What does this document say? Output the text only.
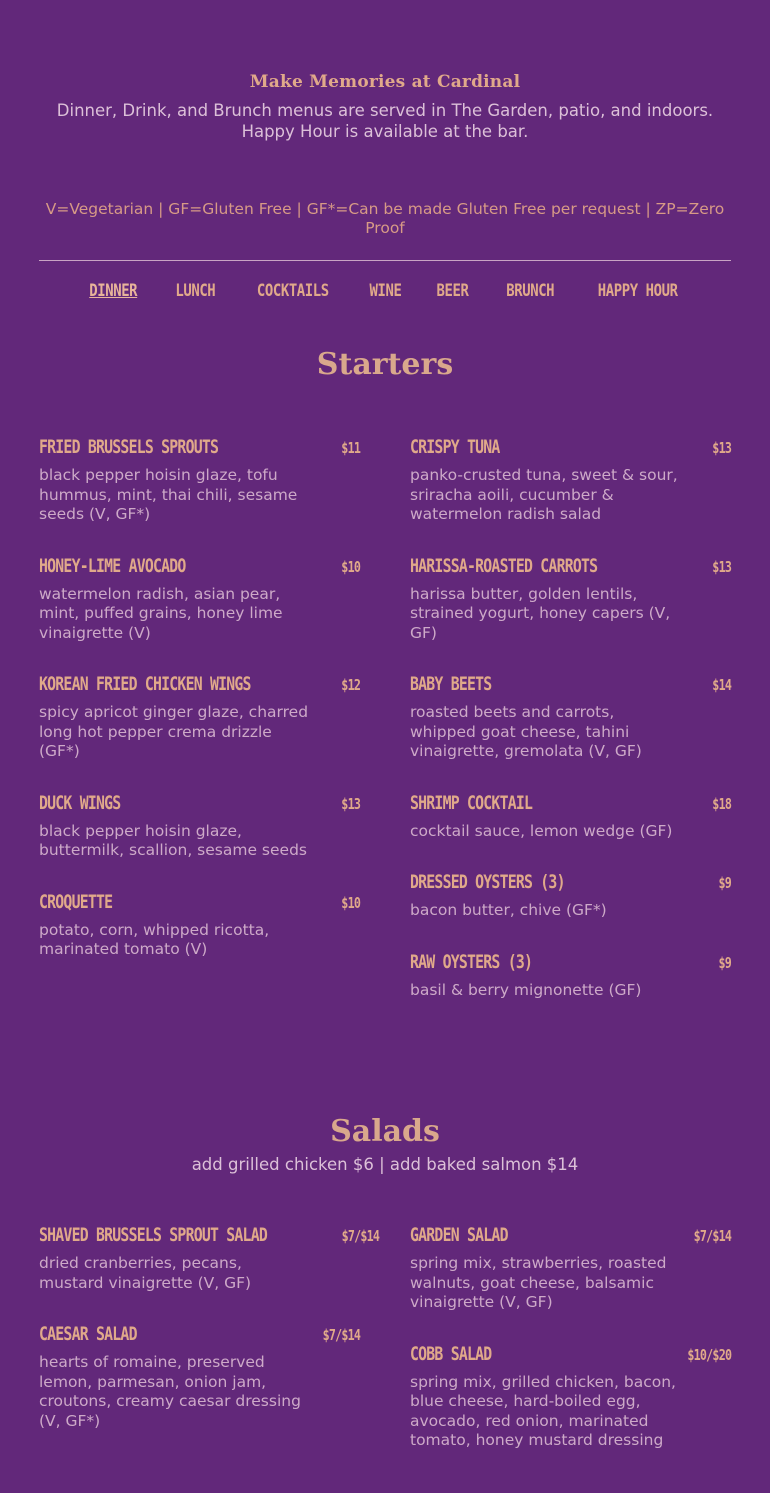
Make Memories at Cardinal

Dinner, Drink, and Brunch menus are served in The Garden, patio, and indoors.
Happy Hour is available at the bar.

V=Vegetarian | GF=Gluten Free | GF*=Can be made Gluten Free per request | ZP=Zero Proof
DINNER LUNCH COCKTAILS WINE BEER BRUNCH	HAPPY HOUR
Starters
FRIED BRUSSELS SPROUTS	$11
black pepper hoisin glaze, tofu hummus, mint, thai chili, sesame seeds (V, GF*)
HONEY-LIME AVOCADO	$10
watermelon radish, asian pear, mint, puffed grains, honey lime vinaigrette (V)
KOREAN FRIED CHICKEN WINGS	$12
spicy apricot ginger glaze, charred long hot pepper crema drizzle (GF*)
DUCK WINGS	$13
black pepper hoisin glaze, buttermilk, scallion, sesame seeds
CROQUETTE	$10
potato, corn, whipped ricotta, marinated tomato (V)
CRISPY TUNA	$13
panko-crusted tuna, sweet & sour, sriracha aoili, cucumber & watermelon radish salad
HARISSA-ROASTED CARROTS	$13
harissa butter, golden lentils, strained yogurt, honey capers (V, GF)
BABY BEETS	$14
roasted beets and carrots, whipped goat cheese, tahini vinaigrette, gremolata (V, GF)
SHRIMP COCKTAIL	$18
cocktail sauce, lemon wedge (GF)
DRESSED OYSTERS (3)	$9
bacon butter, chive (GF*)
RAW OYSTERS (3)	$9
basil & berry mignonette (GF)
Salads
add grilled chicken $6 | add baked salmon $14
SHAVED BRUSSELS SPROUT SALAD	$7/$14
dried cranberries, pecans, mustard vinaigrette (V, GF)
CAESAR SALAD	$7/$14
hearts of romaine, preserved lemon, parmesan, onion jam, croutons, creamy caesar dressing (V, GF*)
GARDEN SALAD	$7/$14
spring mix, strawberries, roasted walnuts, goat cheese, balsamic vinaigrette (V, GF)
COBB SALAD	$10/$20
spring mix, grilled chicken, bacon, blue cheese, hard-boiled egg, avocado, red onion, marinated tomato, honey mustard dressing
